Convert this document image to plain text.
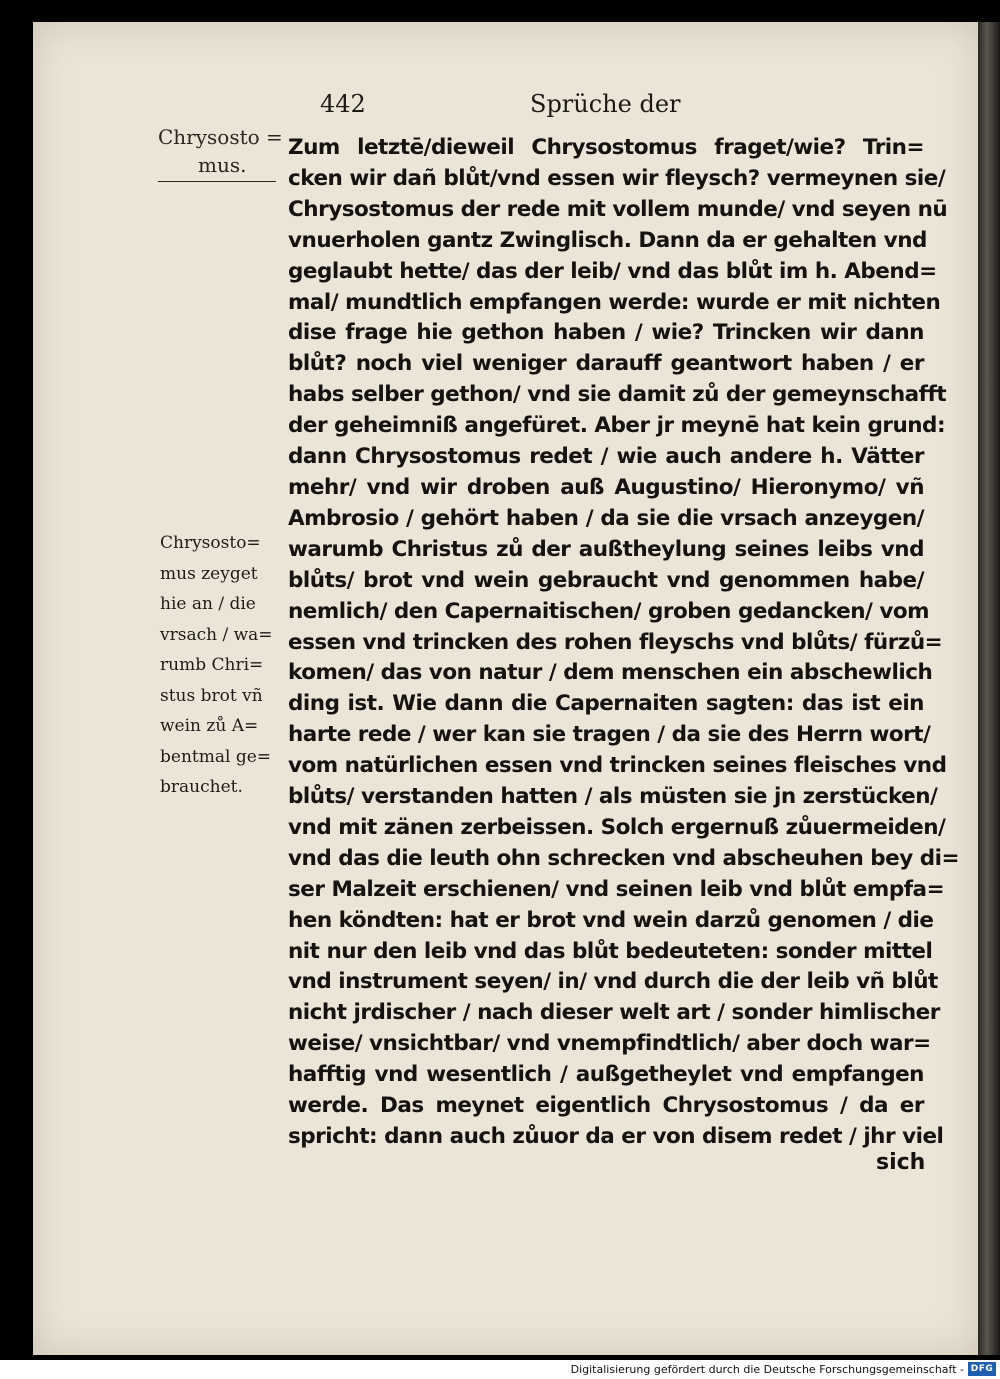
442	Sprüche der
Chrysosto =
mus.
Chrysosto=
mus zeyget
hie an / die
vrsach / wa=
rumb Chri=
stus brot vñ
wein zů A=
bentmal ge=
brauchet.
Zum letztē/dieweil Chrysostomus fraget/wie? Trin=
cken wir dañ blůt/vnd essen wir fleysch? vermeynen sie/
Chrysostomus der rede mit vollem munde/ vnd seyen nū
vnuerholen gantz Zwinglisch. Dann da er gehalten vnd
geglaubt hette/ das der leib/ vnd das blůt im h. Abend=
mal/ mundtlich empfangen werde: wurde er mit nichten
dise frage hie gethon haben / wie? Trincken wir dann
blůt? noch viel weniger darauff geantwort haben / er
habs selber gethon/ vnd sie damit zů der gemeynschafft
der geheimniß angefüret. Aber jr meynē hat kein grund:
dann Chrysostomus redet / wie auch andere h. Vätter
mehr/ vnd wir droben auß Augustino/ Hieronymo/ vñ
Ambrosio / gehört haben / da sie die vrsach anzeygen/
warumb Christus zů der außtheylung seines leibs vnd
blůts/ brot vnd wein gebraucht vnd genommen habe/
nemlich/ den Capernaitischen/ groben gedancken/ vom
essen vnd trincken des rohen fleyschs vnd blůts/ fürzů=
komen/ das von natur / dem menschen ein abschewlich
ding ist. Wie dann die Capernaiten sagten: das ist ein
harte rede / wer kan sie tragen / da sie des Herrn wort/
vom natürlichen essen vnd trincken seines fleisches vnd
blůts/ verstanden hatten / als müsten sie jn zerstücken/
vnd mit zänen zerbeissen. Solch ergernuß zůuermeiden/
vnd das die leuth ohn schrecken vnd abscheuhen bey di=
ser Malzeit erschienen/ vnd seinen leib vnd blůt empfa=
hen köndten: hat er brot vnd wein darzů genomen / die
nit nur den leib vnd das blůt bedeuteten: sonder mittel
vnd instrument seyen/ in/ vnd durch die der leib vñ blůt
nicht jrdischer / nach dieser welt art / sonder himlischer
weise/ vnsichtbar/ vnd vnempfindtlich/ aber doch war=
hafftig vnd wesentlich / außgetheylet vnd empfangen
werde. Das meynet eigentlich Chrysostomus / da er
spricht: dann auch zůuor da er von disem redet / jhr viel
sich
Digitalisierung gefördert durch die Deutsche Forschungsgemeinschaft - DFG
